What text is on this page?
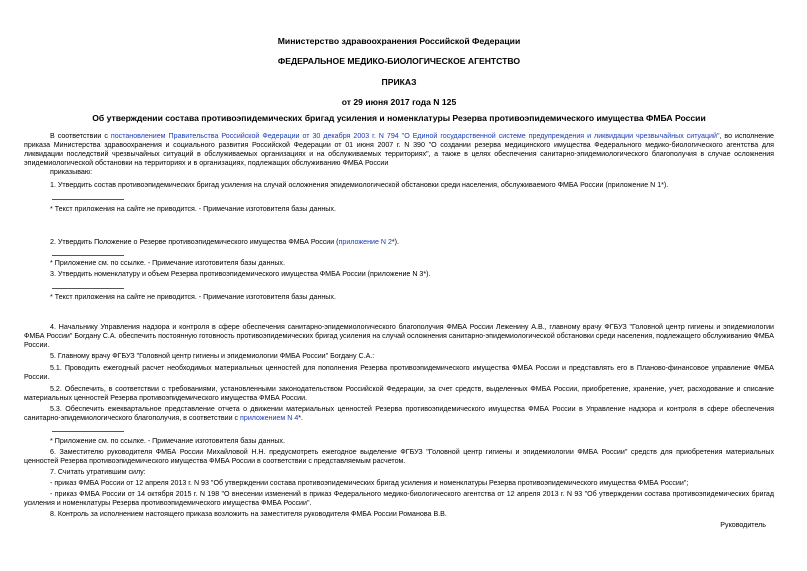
Министерство здравоохранения Российской Федерации
ФЕДЕРАЛЬНОЕ МЕДИКО-БИОЛОГИЧЕСКОЕ АГЕНТСТВО
ПРИКАЗ
от 29 июня 2017 года N 125
Об утверждении состава противоэпидемических бригад усиления и номенклатуры Резерва противоэпидемического имущества ФМБА России
В соответствии с постановлением Правительства Российской Федерации от 30 декабря 2003 г. N 794 "О Единой государственной системе предупреждения и ликвидации чрезвычайных ситуаций", во исполнение приказа Министерства здравоохранения и социального развития Российской Федерации от 01 июня 2007 г. N 390 "О создании резерва медицинского имущества Федерального медико-биологического агентства для ликвидации последствий чрезвычайных ситуаций в обслуживаемых организациях и на обслуживаемых территориях", а также в целях обеспечения санитарно-эпидемиологического благополучия в случае осложнения эпидемиологической обстановки на территориях и в организациях, подлежащих обслуживанию ФМБА России
приказываю:
1. Утвердить состав противоэпидемических бригад усиления на случай осложнения эпидемиологической обстановки среди населения, обслуживаемого ФМБА России (приложение N 1*).
* Текст приложения на сайте не приводится. - Примечание изготовителя базы данных.
2. Утвердить Положение о Резерве противоэпидемического имущества ФМБА России (приложение N 2*).
* Приложение см. по ссылке. - Примечание изготовителя базы данных.
3. Утвердить номенклатуру и объем Резерва противоэпидемического имущества ФМБА России (приложение N 3*).
* Текст приложения на сайте не приводится. - Примечание изготовителя базы данных.
4. Начальнику Управления надзора и контроля в сфере обеспечения санитарно-эпидемиологического благополучия ФМБА России Леженину А.В., главному врачу ФГБУЗ "Головной центр гигиены и эпидемиологии ФМБА России" Богдану С.А. обеспечить постоянную готовность противоэпидемических бригад усиления на случай осложнения санитарно-эпидемиологической обстановки среди населения, подлежащего обслуживанию ФМБА России.
5. Главному врачу ФГБУЗ "Головной центр гигиены и эпидемиологии ФМБА России" Богдану С.А.:
5.1. Проводить ежегодный расчет необходимых материальных ценностей для пополнения Резерва противоэпидемического имущества ФМБА России и представлять его в Планово-финансовое управление ФМБА России.
5.2. Обеспечить, в соответствии с требованиями, установленными законодательством Российской Федерации, за счет средств, выделенных ФМБА России, приобретение, хранение, учет, расходование и списание материальных ценностей Резерва противоэпидемического имущества ФМБА России.
5.3. Обеспечить ежеквартальное представление отчета о движении материальных ценностей Резерва противоэпидемического имущества ФМБА России в Управление надзора и контроля в сфере обеспечения санитарно-эпидемиологического благополучия, в соответствии с приложением N 4*.
* Приложение см. по ссылке. - Примечание изготовителя базы данных.
6. Заместителю руководителя ФМБА России Михайловой Н.Н. предусмотреть ежегодное выделение ФГБУЗ "Головной центр гигиены и эпидемиологии ФМБА России" средств для приобретения материальных ценностей Резерва противоэпидемического имущества ФМБА России в соответствии с представляемым расчетом.
7. Считать утратившим силу:
- приказ ФМБА России от 12 апреля 2013 г. N 93 "Об утверждении состава противоэпидемических бригад усиления и номенклатуры Резерва противоэпидемического имущества ФМБА России";
- приказ ФМБА России от 14 октября 2015 г. N 198 "О внесении изменений в приказ Федерального медико-биологического агентства от 12 апреля 2013 г. N 93 "Об утверждении состава противоэпидемических бригад усиления и номенклатуры Резерва противоэпидемического имущества ФМБА России".
8. Контроль за исполнением настоящего приказа возложить на заместителя руководителя ФМБА России Романова В.В.
Руководитель
